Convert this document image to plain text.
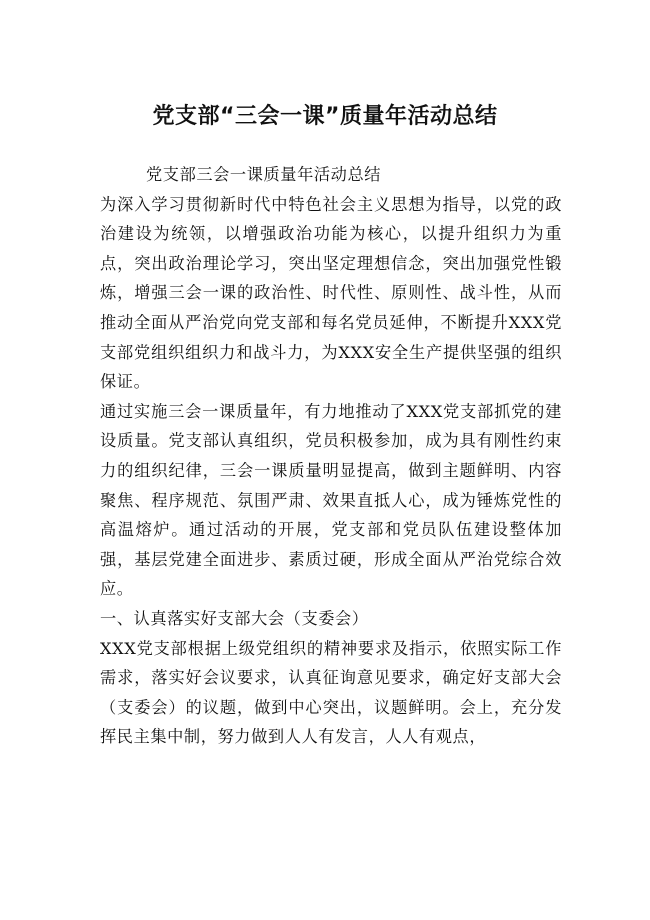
党支部“三会一课”质量年活动总结

党支部三会一课质量年活动总结

为深入学习贯彻新时代中特色社会主义思想为指导，以党的政治建设为统领，以增强政治功能为核心，以提升组织力为重点，突出政治理论学习，突出坚定理想信念，突出加强党性锻炼，增强三会一课的政治性、时代性、原则性、战斗性，从而推动全面从严治党向党支部和每名党员延伸，不断提升XXX党支部党组织组织力和战斗力，为XXX安全生产提供坚强的组织保证。

通过实施三会一课质量年，有力地推动了XXX党支部抓党的建设质量。党支部认真组织，党员积极参加，成为具有刚性约束力的组织纪律，三会一课质量明显提高，做到主题鲜明、内容聚焦、程序规范、氛围严肃、效果直抵人心，成为锤炼党性的高温熔炉。通过活动的开展，党支部和党员队伍建设整体加强，基层党建全面进步、素质过硬，形成全面从严治党综合效应。

一、认真落实好支部大会（支委会）

XXX党支部根据上级党组织的精神要求及指示，依照实际工作需求，落实好会议要求，认真征询意见要求，确定好支部大会（支委会）的议题，做到中心突出，议题鲜明。会上，充分发挥民主集中制，努力做到人人有发言，人人有观点，
